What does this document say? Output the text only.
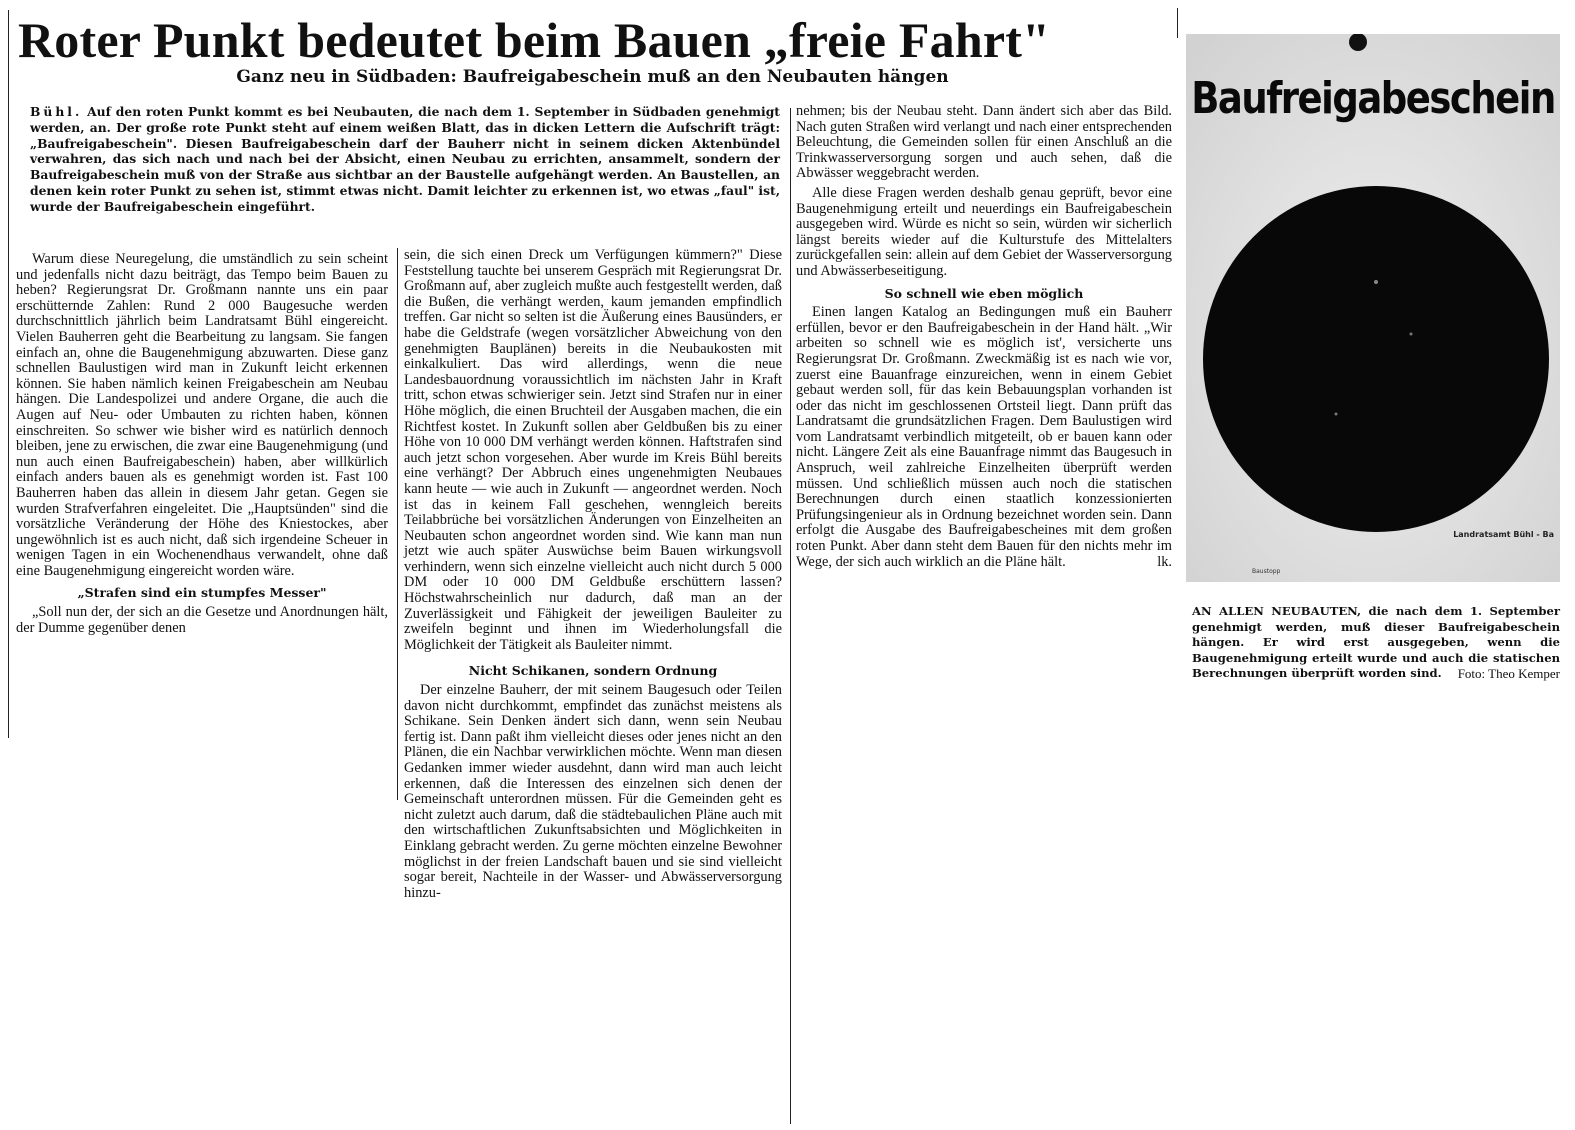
Roter Punkt bedeutet beim Bauen „freie Fahrt"
Ganz neu in Südbaden: Baufreigabeschein muß an den Neubauten hängen
Bühl. Auf den roten Punkt kommt es bei Neubauten, die nach dem 1. September in Südbaden genehmigt werden, an. Der große rote Punkt steht auf einem weißen Blatt, das in dicken Lettern die Aufschrift trägt: „Baufreigabeschein". Diesen Baufreigabeschein darf der Bauherr nicht in seinem dicken Aktenbündel verwahren, das sich nach und nach bei der Absicht, einen Neubau zu errichten, ansammelt, sondern der Baufreigabeschein muß von der Straße aus sichtbar an der Baustelle aufgehängt werden. An Baustellen, an denen kein roter Punkt zu sehen ist, stimmt etwas nicht. Damit leichter zu erkennen ist, wo etwas „faul" ist, wurde der Baufreigabeschein eingeführt.

Warum diese Neuregelung, die umständlich zu sein scheint und jedenfalls nicht dazu beiträgt, das Tempo beim Bauen zu heben? Regierungsrat Dr. Großmann nannte uns ein paar erschütternde Zahlen: Rund 2 000 Baugesuche werden durchschnittlich jährlich beim Landratsamt Bühl eingereicht. Vielen Bauherren geht die Bearbeitung zu langsam. Sie fangen einfach an, ohne die Baugenehmigung abzuwarten. Diese ganz schnellen Baulustigen wird man in Zukunft leicht erkennen können. Sie haben nämlich keinen Freigabeschein am Neubau hängen. Die Landespolizei und andere Organe, die auch die Augen auf Neu- oder Umbauten zu richten haben, können einschreiten. So schwer wie bisher wird es natürlich dennoch bleiben, jene zu erwischen, die zwar eine Baugenehmigung (und nun auch einen Baufreigabeschein) haben, aber willkürlich einfach anders bauen als es genehmigt worden ist. Fast 100 Bauherren haben das allein in diesem Jahr getan. Gegen sie wurden Strafverfahren eingeleitet. Die „Hauptsünden" sind die vorsätzliche Veränderung der Höhe des Kniestockes, aber ungewöhnlich ist es auch nicht, daß sich irgendeine Scheuer in wenigen Tagen in ein Wochenendhaus verwandelt, ohne daß eine Baugenehmigung eingereicht worden wäre.

„Strafen sind ein stumpfes Messer"

„Soll nun der, der sich an die Gesetze und Anordnungen hält, der Dumme gegenüber denen

sein, die sich einen Dreck um Verfügungen kümmern?" Diese Feststellung tauchte bei unserem Gespräch mit Regierungsrat Dr. Großmann auf, aber zugleich mußte auch festgestellt werden, daß die Bußen, die verhängt werden, kaum jemanden empfindlich treffen. Gar nicht so selten ist die Äußerung eines Bausünders, er habe die Geldstrafe (wegen vorsätzlicher Abweichung von den genehmigten Bauplänen) bereits in die Neubaukosten mit einkalkuliert. Das wird allerdings, wenn die neue Landesbauordnung voraussichtlich im nächsten Jahr in Kraft tritt, schon etwas schwieriger sein. Jetzt sind Strafen nur in einer Höhe möglich, die einen Bruchteil der Ausgaben machen, die ein Richtfest kostet. In Zukunft sollen aber Geldbußen bis zu einer Höhe von 10 000 DM verhängt werden können. Haftstrafen sind auch jetzt schon vorgesehen. Aber wurde im Kreis Bühl bereits eine verhängt? Der Abbruch eines ungenehmigten Neubaues kann heute — wie auch in Zukunft — angeordnet werden. Noch ist das in keinem Fall geschehen, wenngleich bereits Teilabbrüche bei vorsätzlichen Änderungen von Einzelheiten an Neubauten schon angeordnet worden sind. Wie kann man nun jetzt wie auch später Auswüchse beim Bauen wirkungsvoll verhindern, wenn sich einzelne vielleicht auch nicht durch 5 000 DM oder 10 000 DM Geldbuße erschüttern lassen? Höchstwahrscheinlich nur dadurch, daß man an der Zuverlässigkeit und Fähigkeit der jeweiligen Bauleiter zu zweifeln beginnt und ihnen im Wiederholungsfall die Möglichkeit der Tätigkeit als Bauleiter nimmt.

Nicht Schikanen, sondern Ordnung

Der einzelne Bauherr, der mit seinem Baugesuch oder Teilen davon nicht durchkommt, empfindet das zunächst meistens als Schikane. Sein Denken ändert sich dann, wenn sein Neubau fertig ist. Dann paßt ihm vielleicht dieses oder jenes nicht an den Plänen, die ein Nachbar verwirklichen möchte. Wenn man diesen Gedanken immer wieder ausdehnt, dann wird man auch leicht erkennen, daß die Interessen des einzelnen sich denen der Gemeinschaft unterordnen müssen. Für die Gemeinden geht es nicht zuletzt auch darum, daß die städtebaulichen Pläne auch mit den wirtschaftlichen Zukunftsabsichten und Möglichkeiten in Einklang gebracht werden. Zu gerne möchten einzelne Bewohner möglichst in der freien Landschaft bauen und sie sind vielleicht sogar bereit, Nachteile in der Wasser- und Abwässerversorgung hinzu-

nehmen; bis der Neubau steht. Dann ändert sich aber das Bild. Nach guten Straßen wird verlangt und nach einer entsprechenden Beleuchtung, die Gemeinden sollen für einen Anschluß an die Trinkwasserversorgung sorgen und auch sehen, daß die Abwässer weggebracht werden.

Alle diese Fragen werden deshalb genau geprüft, bevor eine Baugenehmigung erteilt und neuerdings ein Baufreigabeschein ausgegeben wird. Würde es nicht so sein, würden wir sicherlich längst bereits wieder auf die Kulturstufe des Mittelalters zurückgefallen sein: allein auf dem Gebiet der Wasserversorgung und Abwässerbeseitigung.

So schnell wie eben möglich

Einen langen Katalog an Bedingungen muß ein Bauherr erfüllen, bevor er den Baufreigabeschein in der Hand hält. „Wir arbeiten so schnell wie es möglich ist', versicherte uns Regierungsrat Dr. Großmann. Zweckmäßig ist es nach wie vor, zuerst eine Bauanfrage einzureichen, wenn in einem Gebiet gebaut werden soll, für das kein Bebauungsplan vorhanden ist oder das nicht im geschlossenen Ortsteil liegt. Dann prüft das Landratsamt die grundsätzlichen Fragen. Dem Baulustigen wird vom Landratsamt verbindlich mitgeteilt, ob er bauen kann oder nicht. Längere Zeit als eine Bauanfrage nimmt das Baugesuch in Anspruch, weil zahlreiche Einzelheiten überprüft werden müssen. Und schließlich müssen auch noch die statischen Berechnungen durch einen staatlich konzessionierten Prüfungsingenieur als in Ordnung bezeichnet worden sein. Dann erfolgt die Ausgabe des Baufreigabescheines mit dem großen roten Punkt. Aber dann steht dem Bauen für den nichts mehr im Wege, der sich auch wirklich an die Pläne hält.	lk.

Baufreigabeschein
Landratsamt Bühl - Ba
Baustopp
AN ALLEN NEUBAUTEN, die nach dem 1. September genehmigt werden, muß dieser Baufreigabeschein hängen. Er wird erst ausgegeben, wenn die Baugenehmigung erteilt wurde und auch die statischen Berechnungen überprüft worden sind. Foto: Theo Kemper
